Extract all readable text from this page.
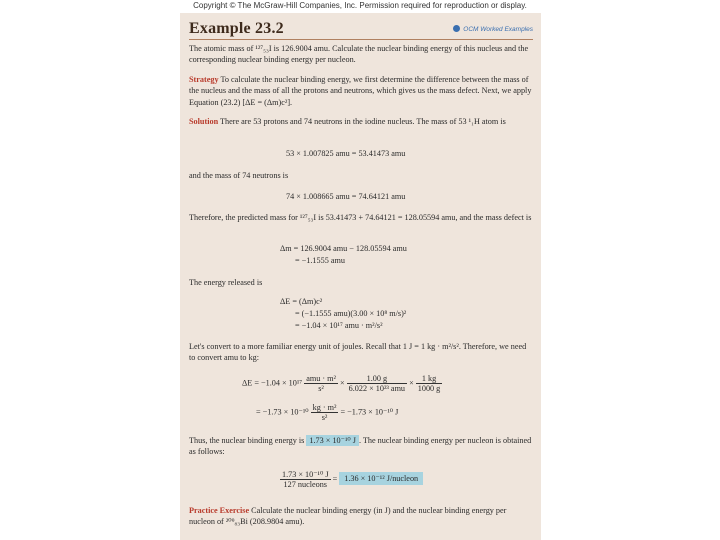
Copyright © The McGraw-Hill Companies, Inc. Permission required for reproduction or display.
Example 23.2	OCM Worked Examples
The atomic mass of ¹²⁷₅₃I is 126.9004 amu. Calculate the nuclear binding energy of this nucleus and the corresponding nuclear binding energy per nucleon.
Strategy To calculate the nuclear binding energy, we first determine the difference between the mass of the nucleus and the mass of all the protons and neutrons, which gives us the mass defect. Next, we apply Equation (23.2) [ΔE = (Δm)c²].
Solution There are 53 protons and 74 neutrons in the iodine nucleus. The mass of 53 ¹₁H atom is
53 × 1.007825 amu = 53.41473 amu
and the mass of 74 neutrons is
74 × 1.008665 amu = 74.64121 amu
Therefore, the predicted mass for ¹²⁷₅₃I is 53.41473 + 74.64121 = 128.05594 amu, and the mass defect is
Δm = 126.9004 amu − 128.05594 amu
= −1.1555 amu
The energy released is
ΔE = (Δm)c²
= (−1.1555 amu)(3.00 × 10⁸ m/s)²
= −1.04 × 10¹⁷ amu · m²/s²
Let's convert to a more familiar energy unit of joules. Recall that 1 J = 1 kg · m²/s². Therefore, we need to convert amu to kg:
$\Delta E = -1.04 \times 10^{17} \frac{\text{amu · m²}}{\text{s²}} \times \frac{1.00 g}{\text{6.022 × 10²³ amu}} \times \frac{1 kg}{1000 g}$
= $-1.73 \times 10^{-10} \frac{\text{kg · m²}}{\text{s²}} = -1.73 \times 10^{-10}$ J
Thus, the nuclear binding energy is 1.73 × 10⁻¹⁰ J . The nuclear binding energy per nucleon is obtained as follows:
$\frac{\text{1.73 × 10⁻¹⁰ J}}{\text{127 nucleons}} = 1.36 \times 10^{-12}$ J/nucleon
Practice Exercise Calculate the nuclear binding energy (in J) and the nuclear binding energy per nucleon of ²⁰⁹₈₃Bi (208.9804 amu).
